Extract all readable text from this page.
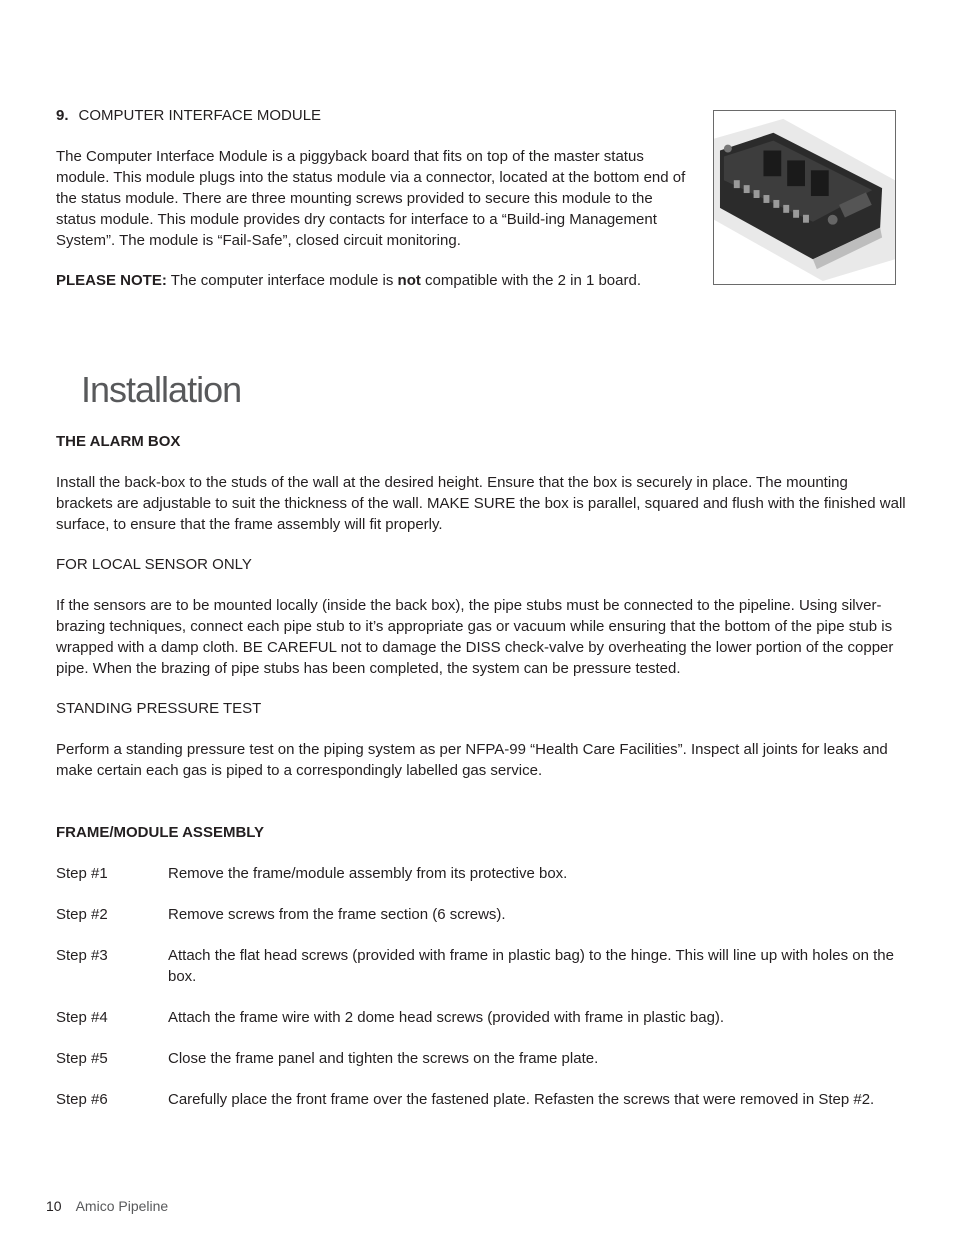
9. COMPUTER INTERFACE MODULE

The Computer Interface Module is a piggyback board that fits on top of the master status module. This module plugs into the status module via a connector, located at the bottom end of the status module. There are three mounting screws provided to secure this module to the status module. This module provides dry contacts for interface to a “Build-ing Management System”. The module is “Fail-Safe”, closed circuit monitoring.

PLEASE NOTE: The computer interface module is not compatible with the 2 in 1 board.

Installation

THE ALARM BOX

Install the back-box to the studs of the wall at the desired height. Ensure that the box is securely in place. The mounting brackets are adjustable to suit the thickness of the wall. MAKE SURE the box is parallel, squared and flush with the finished wall surface, to ensure that the frame assembly will fit properly.

FOR LOCAL SENSOR ONLY

If the sensors are to be mounted locally (inside the back box), the pipe stubs must be connected to the pipeline. Using silver-brazing techniques, connect each pipe stub to it’s appropriate gas or vacuum while ensuring that the bottom of the pipe stub is wrapped with a damp cloth. BE CAREFUL not to damage the DISS check-valve by overheating the lower portion of the copper pipe. When the brazing of pipe stubs has been completed, the system can be pressure tested.

STANDING PRESSURE TEST

Perform a standing pressure test on the piping system as per NFPA-99 “Health Care Facilities”. Inspect all joints for leaks and make certain each gas is piped to a correspondingly labelled gas service.

FRAME/MODULE ASSEMBLY

Step #1	Remove the frame/module assembly from its protective box.
Step #2	Remove screws from the frame section (6 screws).
Step #3	Attach the flat head screws (provided with frame in plastic bag) to the hinge. This will line up with holes on the box.
Step #4	Attach the frame wire with 2 dome head screws (provided with frame in plastic bag).
Step #5	Close the frame panel and tighten the screws on the frame plate.
Step #6	Carefully place the front frame over the fastened plate. Refasten the screws that were removed in Step #2.
10 Amico Pipeline
